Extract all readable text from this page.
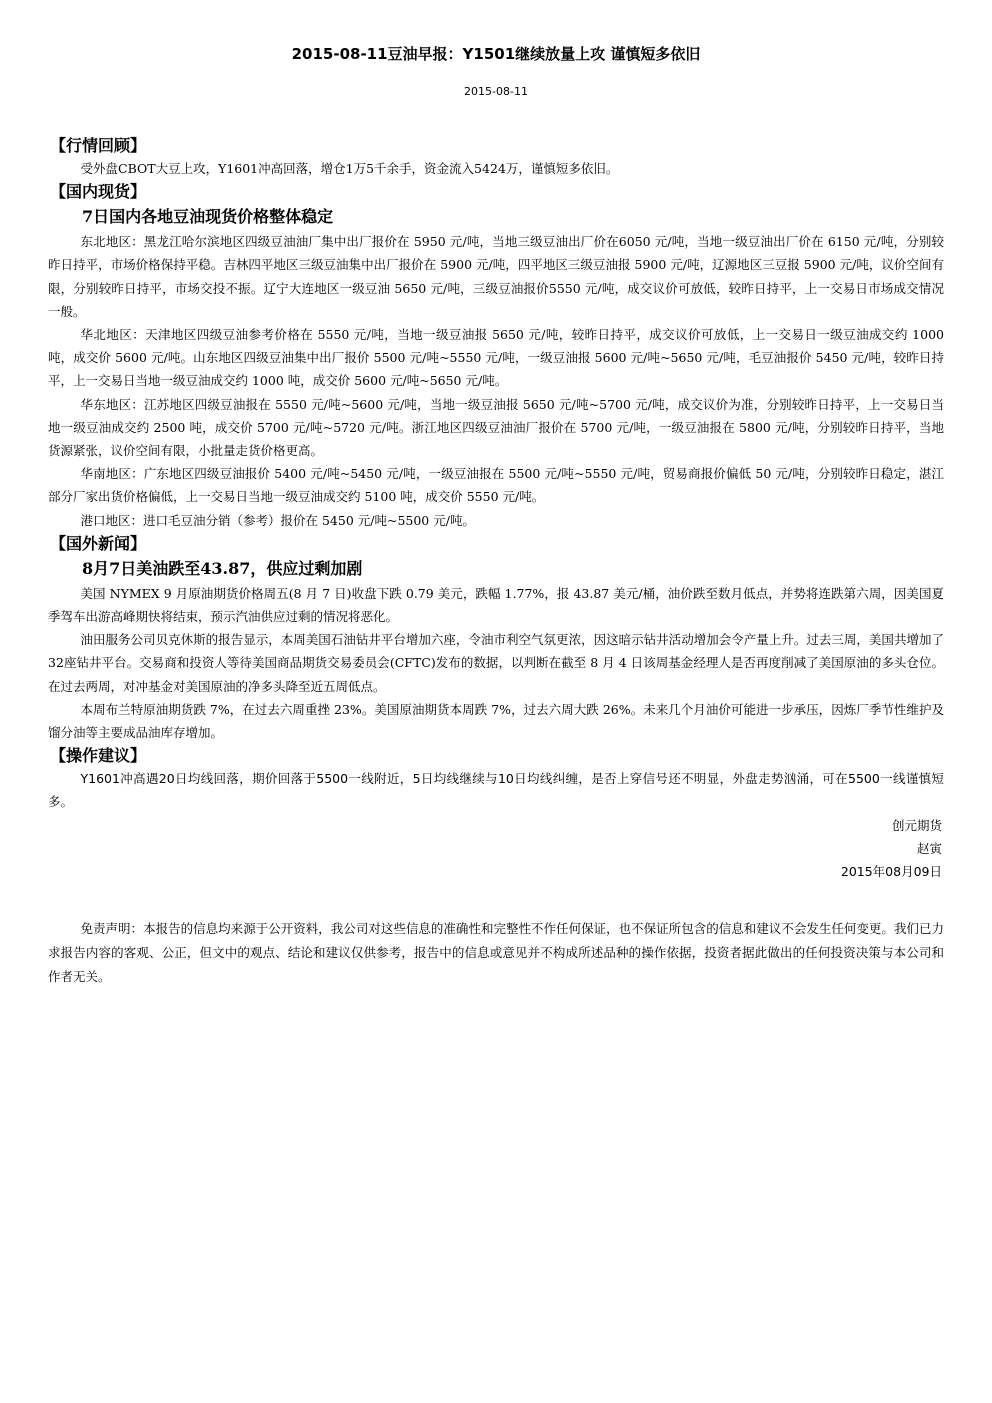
2015-08-11豆油早报：Y1501继续放量上攻 谨慎短多依旧
2015-08-11
【行情回顾】

受外盘CBOT大豆上攻，Y1601冲高回落，增仓1万5千余手，资金流入5424万，谨慎短多依旧。

【国内现货】
7日国内各地豆油现货价格整体稳定

东北地区：黑龙江哈尔滨地区四级豆油油厂集中出厂报价在 5950 元/吨，当地三级豆油出厂价在6050 元/吨，当地一级豆油出厂价在 6150 元/吨，分别较昨日持平，市场价格保持平稳。吉林四平地区三级豆油集中出厂报价在 5900 元/吨，四平地区三级豆油报 5900 元/吨，辽源地区三豆报 5900 元/吨，议价空间有限，分别较昨日持平，市场交投不振。辽宁大连地区一级豆油 5650 元/吨，三级豆油报价5550 元/吨，成交议价可放低，较昨日持平，上一交易日市场成交情况一般。

华北地区：天津地区四级豆油参考价格在 5550 元/吨，当地一级豆油报 5650 元/吨，较昨日持平，成交议价可放低，上一交易日一级豆油成交约 1000 吨，成交价 5600 元/吨。山东地区四级豆油集中出厂报价 5500 元/吨~5550 元/吨，一级豆油报 5600 元/吨~5650 元/吨，毛豆油报价 5450 元/吨，较昨日持平，上一交易日当地一级豆油成交约 1000 吨，成交价 5600 元/吨~5650 元/吨。

华东地区：江苏地区四级豆油报在 5550 元/吨~5600 元/吨，当地一级豆油报 5650 元/吨~5700 元/吨，成交议价为准，分别较昨日持平，上一交易日当地一级豆油成交约 2500 吨，成交价 5700 元/吨~5720 元/吨。浙江地区四级豆油油厂报价在 5700 元/吨，一级豆油报在 5800 元/吨，分别较昨日持平，当地货源紧张，议价空间有限，小批量走货价格更高。

华南地区：广东地区四级豆油报价 5400 元/吨~5450 元/吨，一级豆油报在 5500 元/吨~5550 元/吨，贸易商报价偏低 50 元/吨，分别较昨日稳定，湛江部分厂家出货价格偏低，上一交易日当地一级豆油成交约 5100 吨，成交价 5550 元/吨。

港口地区：进口毛豆油分销（参考）报价在 5450 元/吨~5500 元/吨。

【国外新闻】
8月7日美油跌至43.87，供应过剩加剧

美国 NYMEX 9 月原油期货价格周五(8 月 7 日)收盘下跌 0.79 美元，跌幅 1.77%，报 43.87 美元/桶，油价跌至数月低点，并势将连跌第六周，因美国夏季驾车出游高峰期快将结束，预示汽油供应过剩的情况将恶化。

油田服务公司贝克休斯的报告显示，本周美国石油钻井平台增加六座，令油市利空气氛更浓，因这暗示钻井活动增加会令产量上升。过去三周，美国共增加了32座钻井平台。交易商和投资人等待美国商品期货交易委员会(CFTC)发布的数据，以判断在截至 8 月 4 日该周基金经理人是否再度削减了美国原油的多头仓位。在过去两周，对冲基金对美国原油的净多头降至近五周低点。

本周布兰特原油期货跌 7%，在过去六周重挫 23%。美国原油期货本周跌 7%，过去六周大跌 26%。未来几个月油价可能进一步承压，因炼厂季节性维护及馏分油等主要成品油库存增加。

【操作建议】

Y1601冲高遇20日均线回落，期价回落于5500一线附近，5日均线继续与10日均线纠缠，是否上穿信号还不明显，外盘走势汹涌，可在5500一线谨慎短多。

创元期货

赵寅

2015年08月09日

免责声明：本报告的信息均来源于公开资料，我公司对这些信息的准确性和完整性不作任何保证，也不保证所包含的信息和建议不会发生任何变更。我们已力求报告内容的客观、公正，但文中的观点、结论和建议仅供参考，报告中的信息或意见并不构成所述品种的操作依据，投资者据此做出的任何投资决策与本公司和作者无关。
